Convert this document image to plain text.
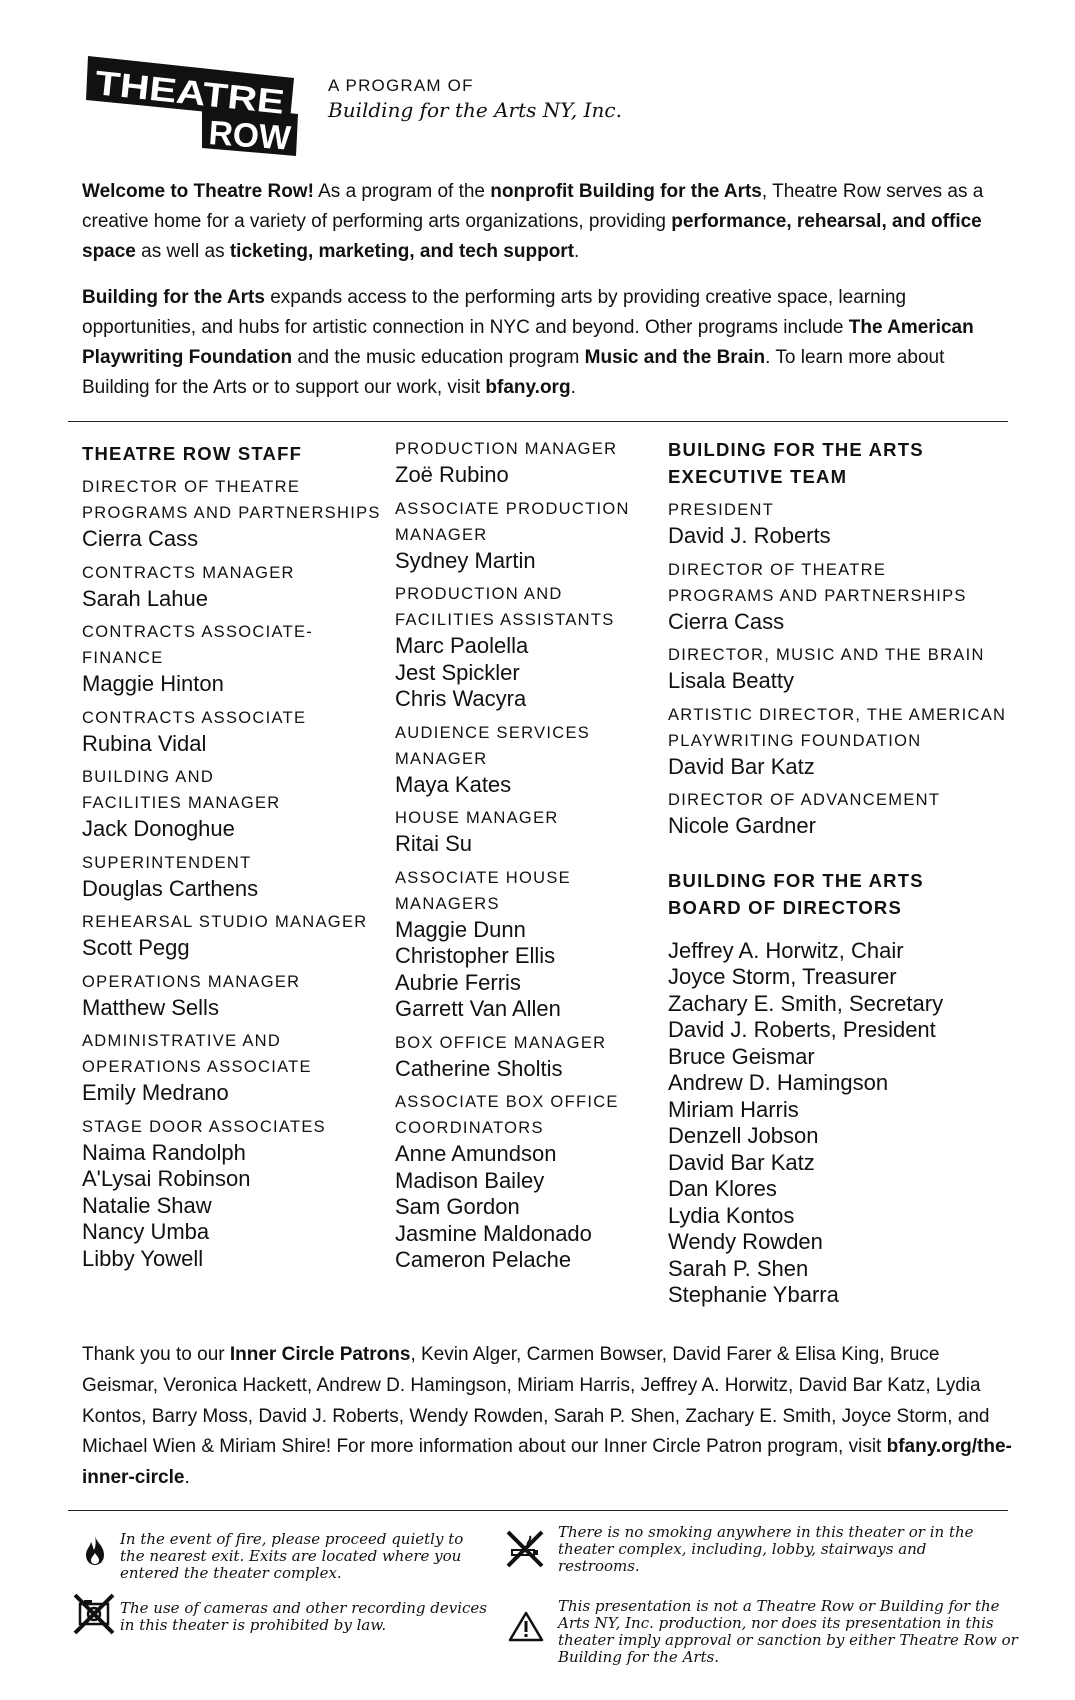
THEATRE
ROW
A PROGRAM OF
Building for the Arts NY, Inc.
Welcome to Theatre Row! As a program of the nonprofit Building for the Arts, Theatre Row serves as a creative home for a variety of performing arts organizations, providing performance, rehearsal, and office space as well as ticketing, marketing, and tech support.
Building for the Arts expands access to the performing arts by providing creative space, learning opportunities, and hubs for artistic connection in NYC and beyond. Other programs include The American Playwriting Foundation and the music education program Music and the Brain. To learn more about Building for the Arts or to support our work, visit bfany.org.
THEATRE ROW STAFF
DIRECTOR OF THEATRE
PROGRAMS AND PARTNERSHIPS
Cierra Cass
CONTRACTS MANAGER
Sarah Lahue
CONTRACTS ASSOCIATE-
FINANCE
Maggie Hinton
CONTRACTS ASSOCIATE
Rubina Vidal
BUILDING AND
FACILITIES MANAGER
Jack Donoghue
SUPERINTENDENT
Douglas Carthens
REHEARSAL STUDIO MANAGER
Scott Pegg
OPERATIONS MANAGER
Matthew Sells
ADMINISTRATIVE AND
OPERATIONS ASSOCIATE
Emily Medrano
STAGE DOOR ASSOCIATES
Naima Randolph
A'Lysai Robinson
Natalie Shaw
Nancy Umba
Libby Yowell
PRODUCTION MANAGER
Zoë Rubino
ASSOCIATE PRODUCTION
MANAGER
Sydney Martin
PRODUCTION AND
FACILITIES ASSISTANTS
Marc Paolella
Jest Spickler
Chris Wacyra
AUDIENCE SERVICES
MANAGER
Maya Kates
HOUSE MANAGER
Ritai Su
ASSOCIATE HOUSE
MANAGERS
Maggie Dunn
Christopher Ellis
Aubrie Ferris
Garrett Van Allen
BOX OFFICE MANAGER
Catherine Sholtis
ASSOCIATE BOX OFFICE
COORDINATORS
Anne Amundson
Madison Bailey
Sam Gordon
Jasmine Maldonado
Cameron Pelache
BUILDING FOR THE ARTS
EXECUTIVE TEAM
PRESIDENT
David J. Roberts
DIRECTOR OF THEATRE
PROGRAMS AND PARTNERSHIPS
Cierra Cass
DIRECTOR, MUSIC AND THE BRAIN
Lisala Beatty
ARTISTIC DIRECTOR, THE AMERICAN
PLAYWRITING FOUNDATION
David Bar Katz
DIRECTOR OF ADVANCEMENT
Nicole Gardner
BUILDING FOR THE ARTS
BOARD OF DIRECTORS
Jeffrey A. Horwitz, Chair
Joyce Storm, Treasurer
Zachary E. Smith, Secretary
David J. Roberts, President
Bruce Geismar
Andrew D. Hamingson
Miriam Harris
Denzell Jobson
David Bar Katz
Dan Klores
Lydia Kontos
Wendy Rowden
Sarah P. Shen
Stephanie Ybarra
Thank you to our Inner Circle Patrons, Kevin Alger, Carmen Bowser, David Farer & Elisa King, Bruce Geismar, Veronica Hackett, Andrew D. Hamingson, Miriam Harris, Jeffrey A. Horwitz, David Bar Katz, Lydia Kontos, Barry Moss, David J. Roberts, Wendy Rowden, Sarah P. Shen, Zachary E. Smith, Joyce Storm, and Michael Wien & Miriam Shire! For more information about our Inner Circle Patron program, visit bfany.org/the-inner-circle.
In the event of fire, please proceed quietly to the nearest exit. Exits are located where you entered the theater complex.
There is no smoking anywhere in this theater or in the theater complex, including, lobby, stairways and restrooms.
The use of cameras and other recording devices in this theater is prohibited by law.
This presentation is not a Theatre Row or Building for the Arts NY, Inc. production, nor does its presentation in this theater imply approval or sanction by either Theatre Row or Building for the Arts.
